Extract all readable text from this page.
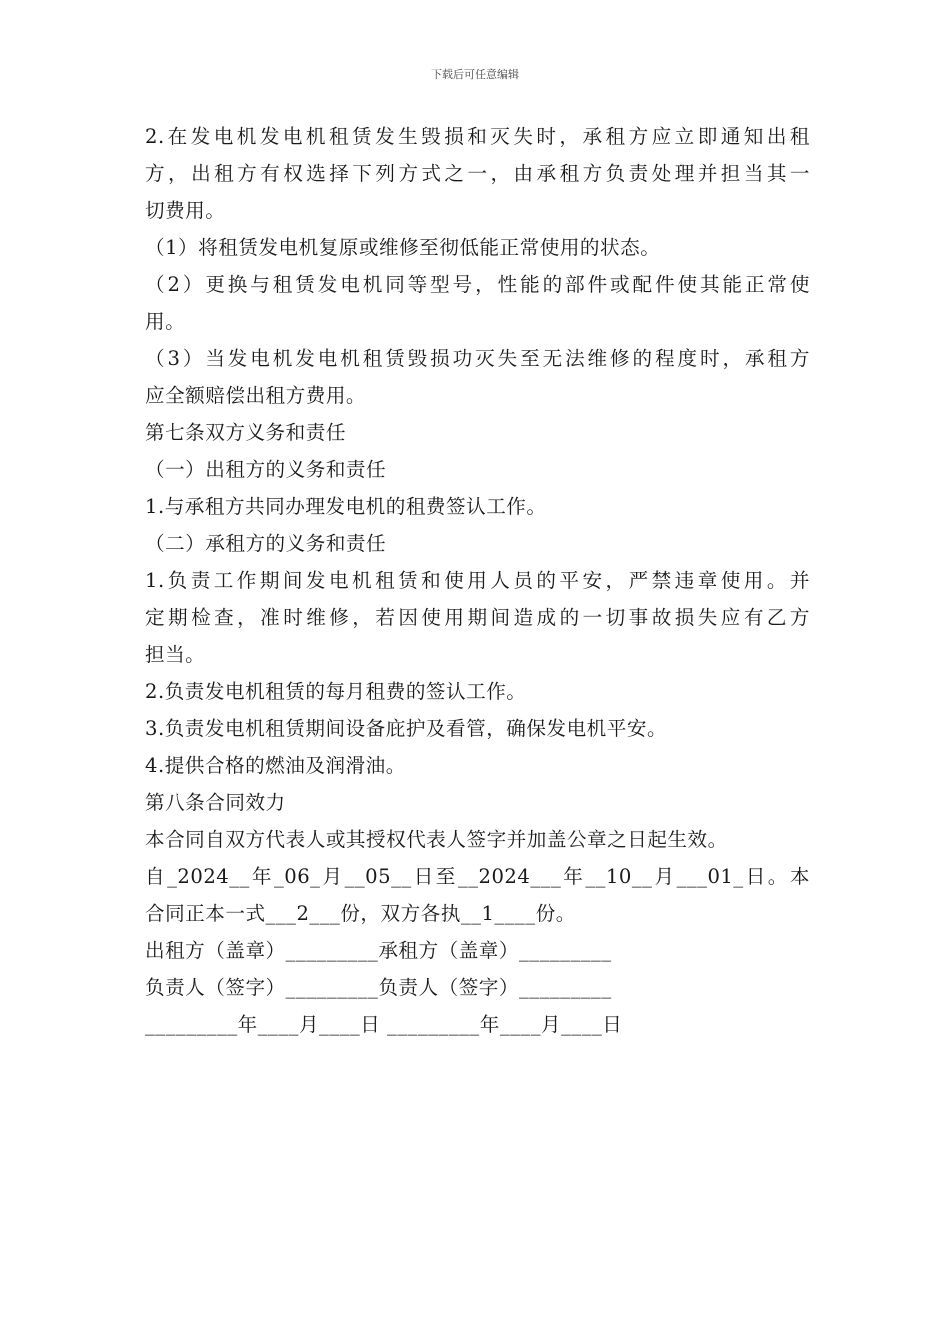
下载后可任意编辑
2.在发电机发电机租赁发生毁损和灭失时，承租方应立即通知出租
方，出租方有权选择下列方式之一，由承租方负责处理并担当其一
切费用。
（1）将租赁发电机复原或维修至彻低能正常使用的状态。
（2）更换与租赁发电机同等型号，性能的部件或配件使其能正常使
用。
（3）当发电机发电机租赁毁损功灭失至无法维修的程度时，承租方
应全额赔偿出租方费用。
第七条双方义务和责任
（一）出租方的义务和责任
1.与承租方共同办理发电机的租费签认工作。
（二）承租方的义务和责任
1.负责工作期间发电机租赁和使用人员的平安，严禁违章使用。并
定期检查，准时维修，若因使用期间造成的一切事故损失应有乙方
担当。
2.负责发电机租赁的每月租费的签认工作。
3.负责发电机租赁期间设备庇护及看管，确保发电机平安。
4.提供合格的燃油及润滑油。
第八条合同效力
本合同自双方代表人或其授权代表人签字并加盖公章之日起生效。
自_2024__年_06_月__05__日至__2024___年__10__月___01_日。本
合同正本一式___2___份，双方各执__1____份。
出租方（盖章）_________承租方（盖章）_________
负责人（签字）_________负责人（签字）_________
_________年____月____日 _________年____月____日
